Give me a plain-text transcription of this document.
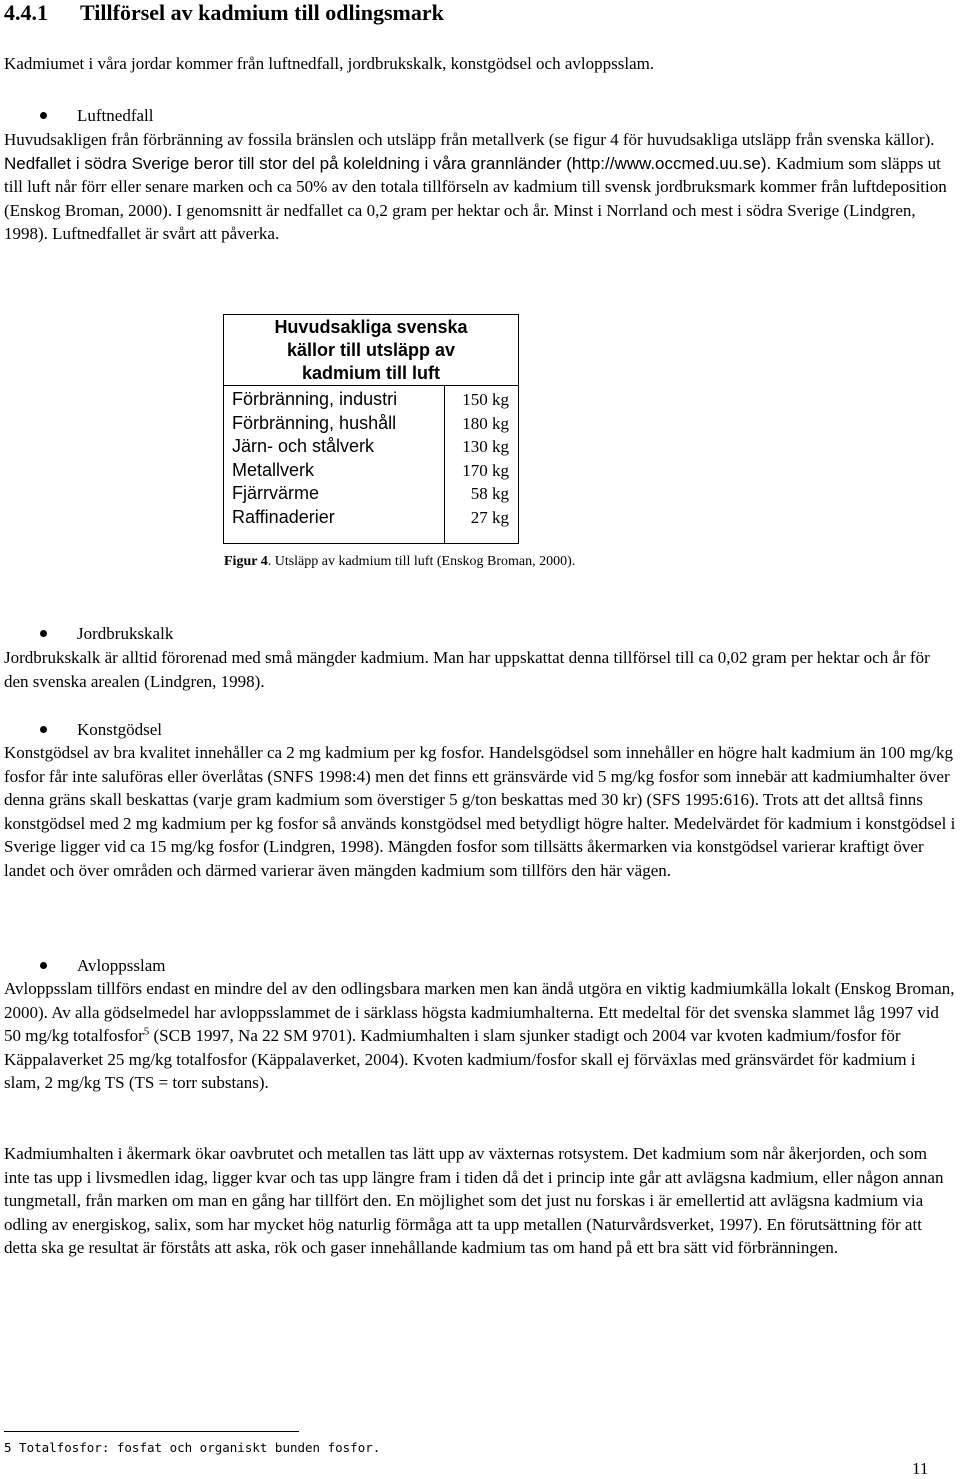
4.4.1 Tillförsel av kadmium till odlingsmark

Kadmiumet i våra jordar kommer från luftnedfall, jordbrukskalk, konstgödsel och avloppsslam.

Luftnedfall

Huvudsakligen från förbränning av fossila bränslen och utsläpp från metallverk (se figur 4 för huvudsakliga utsläpp från svenska källor). Nedfallet i södra Sverige beror till stor del på koleldning i våra grannländer (http://www.occmed.uu.se). Kadmium som släpps ut till luft når förr eller senare marken och ca 50% av den totala tillförseln av kadmium till svensk jordbruksmark kommer från luftdeposition (Enskog Broman, 2000). I genomsnitt är nedfallet ca 0,2 gram per hektar och år. Minst i Norrland och mest i södra Sverige (Lindgren, 1998). Luftnedfallet är svårt att påverka.

Huvudsakliga svenska
källor till utsläpp av
kadmium till luft
Förbränning, industri	150 kg
Förbränning, hushåll	180 kg
Järn- och stålverk	130 kg
Metallverk	170 kg
Fjärrvärme	58 kg
Raffinaderier	27 kg
Figur 4. Utsläpp av kadmium till luft (Enskog Broman, 2000).
Jordbrukskalk

Jordbrukskalk är alltid förorenad med små mängder kadmium. Man har uppskattat denna tillförsel till ca 0,02 gram per hektar och år för den svenska arealen (Lindgren, 1998).

Konstgödsel

Konstgödsel av bra kvalitet innehåller ca 2 mg kadmium per kg fosfor. Handelsgödsel som innehåller en högre halt kadmium än 100 mg/kg fosfor får inte saluföras eller överlåtas (SNFS 1998:4) men det finns ett gränsvärde vid 5 mg/kg fosfor som innebär att kadmiumhalter över denna gräns skall beskattas (varje gram kadmium som överstiger 5 g/ton beskattas med 30 kr) (SFS 1995:616). Trots att det alltså finns konstgödsel med 2 mg kadmium per kg fosfor så används konstgödsel med betydligt högre halter. Medelvärdet för kadmium i konstgödsel i Sverige ligger vid ca 15 mg/kg fosfor (Lindgren, 1998). Mängden fosfor som tillsätts åkermarken via konstgödsel varierar kraftigt över landet och över områden och därmed varierar även mängden kadmium som tillförs den här vägen.

Avloppsslam

Avloppsslam tillförs endast en mindre del av den odlingsbara marken men kan ändå utgöra en viktig kadmiumkälla lokalt (Enskog Broman, 2000). Av alla gödselmedel har avloppsslammet de i särklass högsta kadmiumhalterna. Ett medeltal för det svenska slammet låg 1997 vid 50 mg/kg totalfosfor$^5$ (SCB 1997, Na 22 SM 9701). Kadmiumhalten i slam sjunker stadigt och 2004 var kvoten kadmium/fosfor för Käppalaverket 25 mg/kg totalfosfor (Käppalaverket, 2004). Kvoten kadmium/fosfor skall ej förväxlas med gränsvärdet för kadmium i slam, 2 mg/kg TS (TS = torr substans).

Kadmiumhalten i åkermark ökar oavbrutet och metallen tas lätt upp av växternas rotsystem. Det kadmium som når åkerjorden, och som inte tas upp i livsmedlen idag, ligger kvar och tas upp längre fram i tiden då det i princip inte går att avlägsna kadmium, eller någon annan tungmetall, från marken om man en gång har tillfört den. En möjlighet som det just nu forskas i är emellertid att avlägsna kadmium via odling av energiskog, salix, som har mycket hög naturlig förmåga att ta upp metallen (Naturvårdsverket, 1997). En förutsättning för att detta ska ge resultat är förståts att aska, rök och gaser innehållande kadmium tas om hand på ett bra sätt vid förbränningen.

5 Totalfosfor: fosfat och organiskt bunden fosfor.
11
